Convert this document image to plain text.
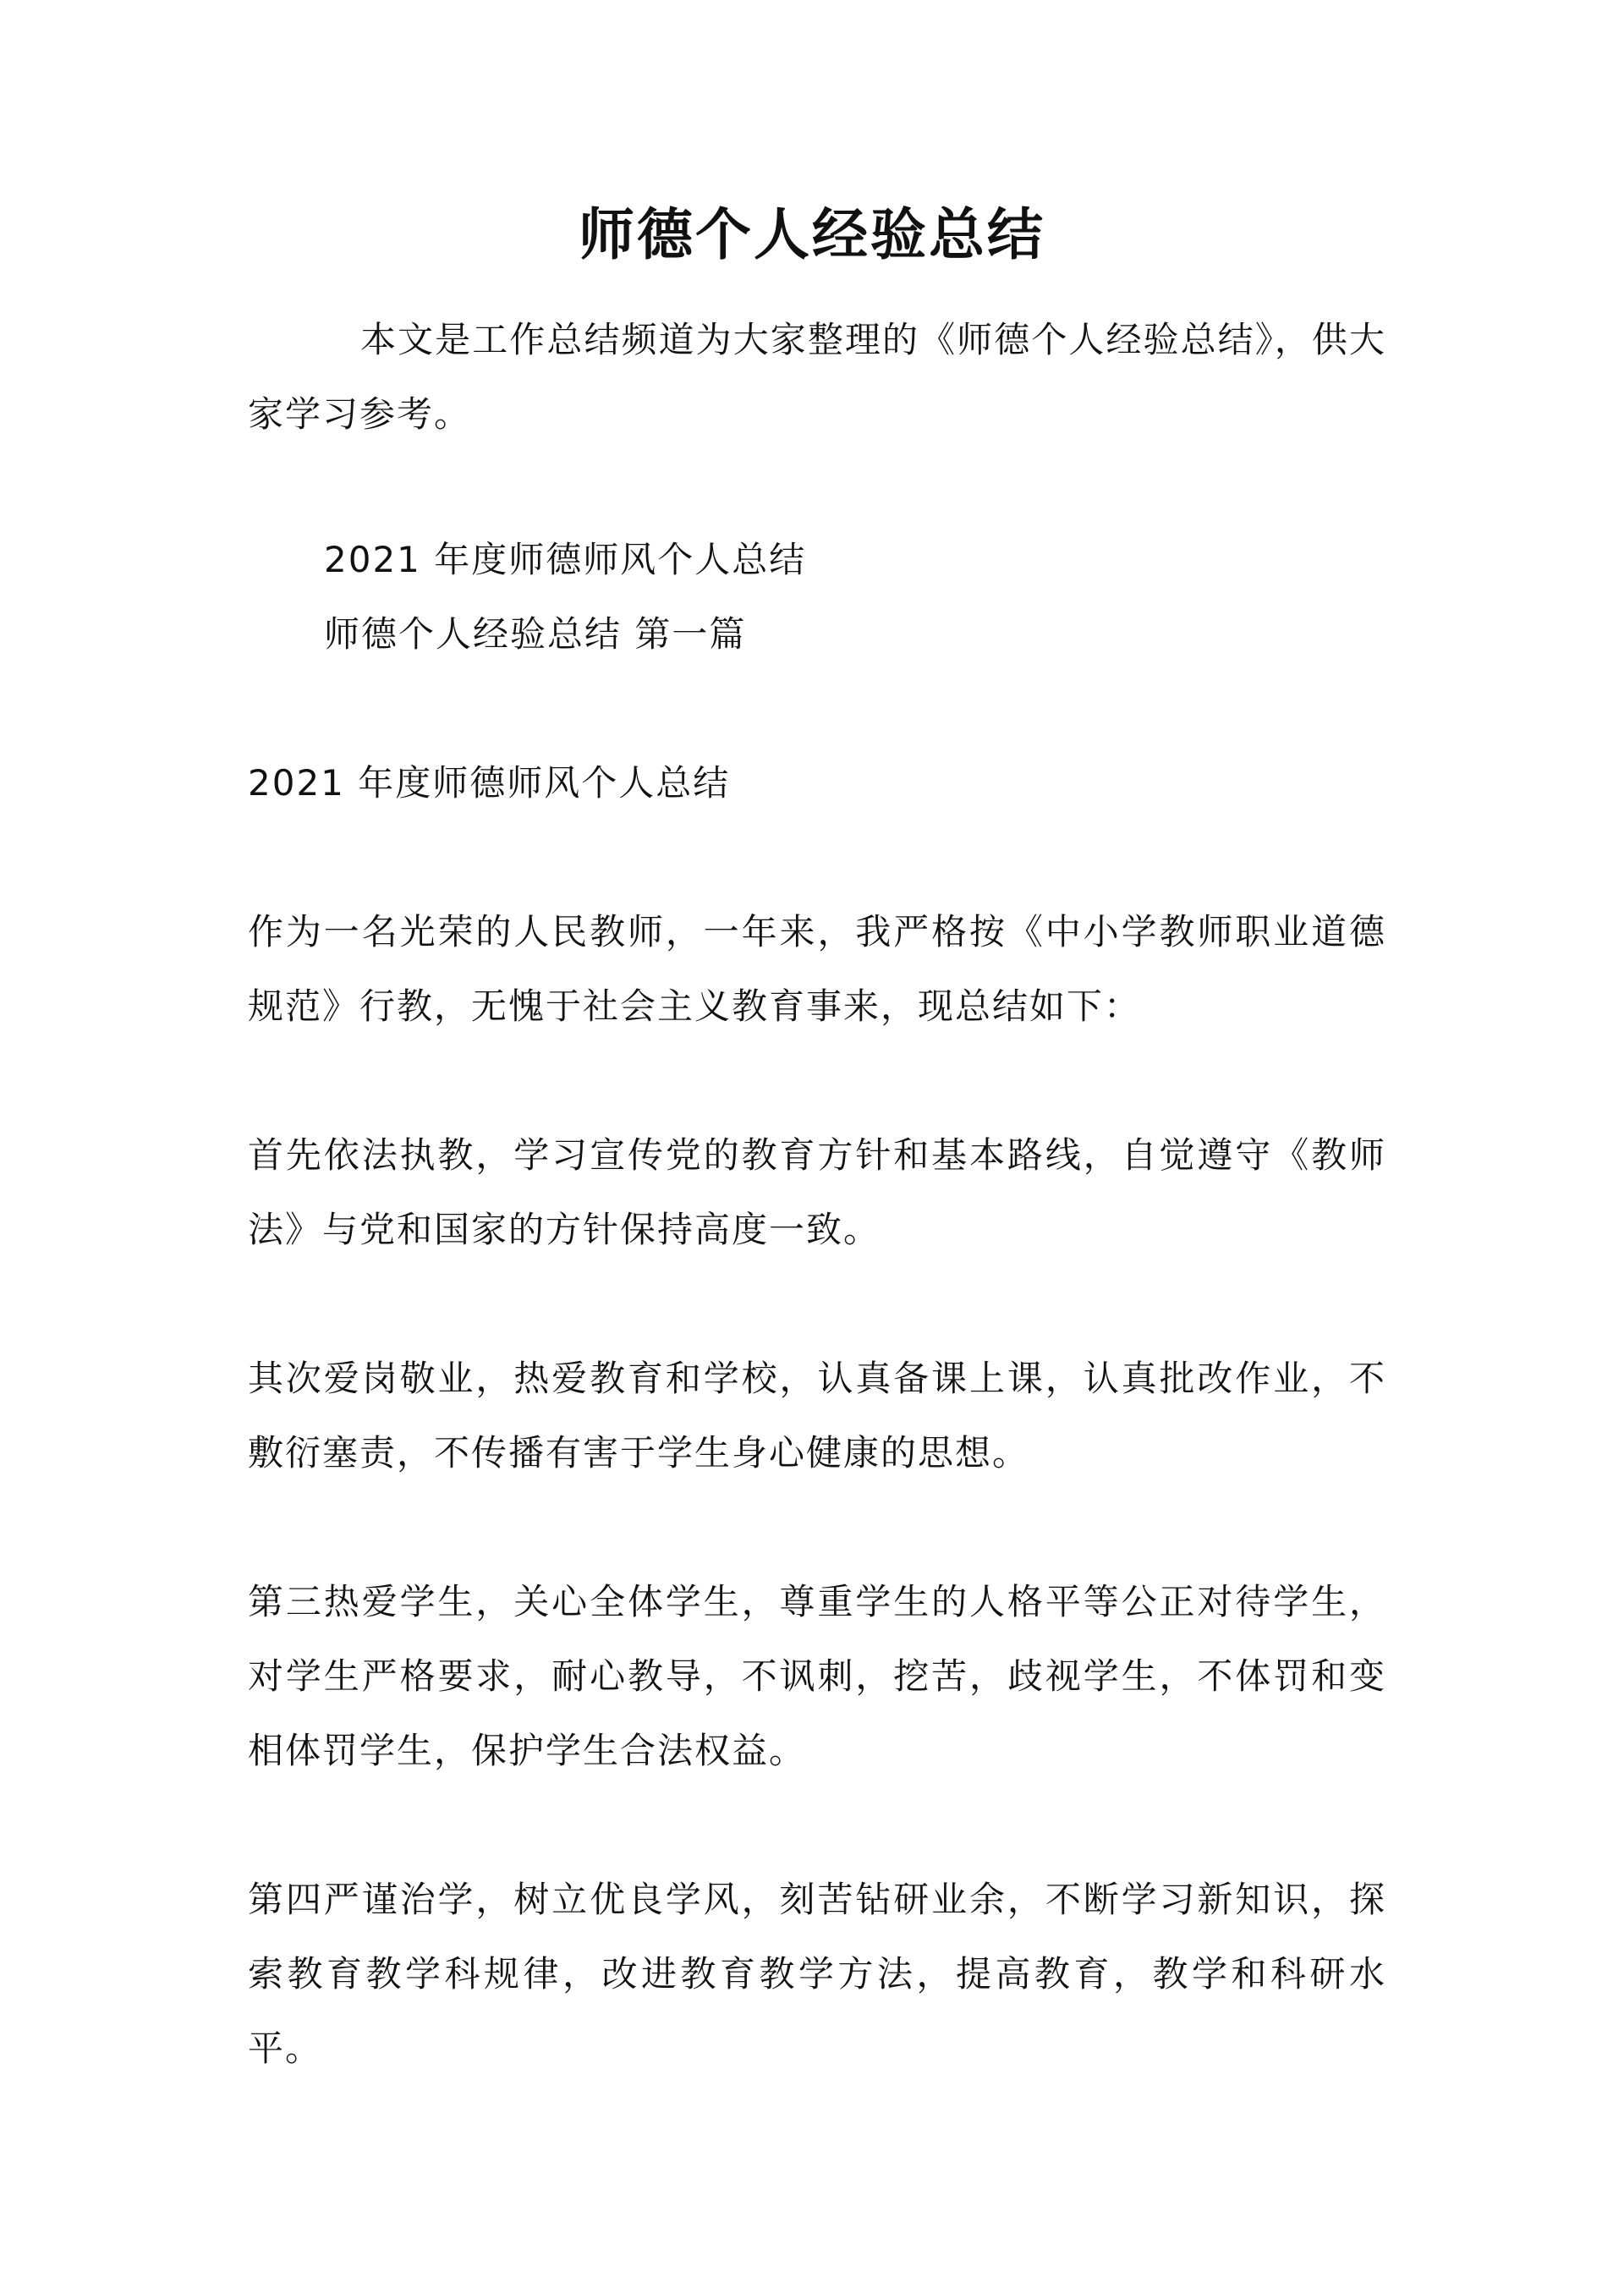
师德个人经验总结

本文是工作总结频道为大家整理的《师德个人经验总结》，供大家学习参考。

2021 年度师德师风个人总结

师德个人经验总结 第一篇

2021 年度师德师风个人总结

作为一名光荣的人民教师，一年来，我严格按《中小学教师职业道德规范》行教，无愧于社会主义教育事来，现总结如下：

首先依法执教，学习宣传党的教育方针和基本路线，自觉遵守《教师法》与党和国家的方针保持高度一致。

其次爱岗敬业，热爱教育和学校，认真备课上课，认真批改作业，不敷衍塞责，不传播有害于学生身心健康的思想。

第三热爱学生，关心全体学生，尊重学生的人格平等公正对待学生，对学生严格要求，耐心教导，不讽刺，挖苦，歧视学生，不体罚和变相体罚学生，保护学生合法权益。

第四严谨治学，树立优良学风，刻苦钻研业余，不断学习新知识，探索教育教学科规律，改进教育教学方法，提高教育，教学和科研水平。
